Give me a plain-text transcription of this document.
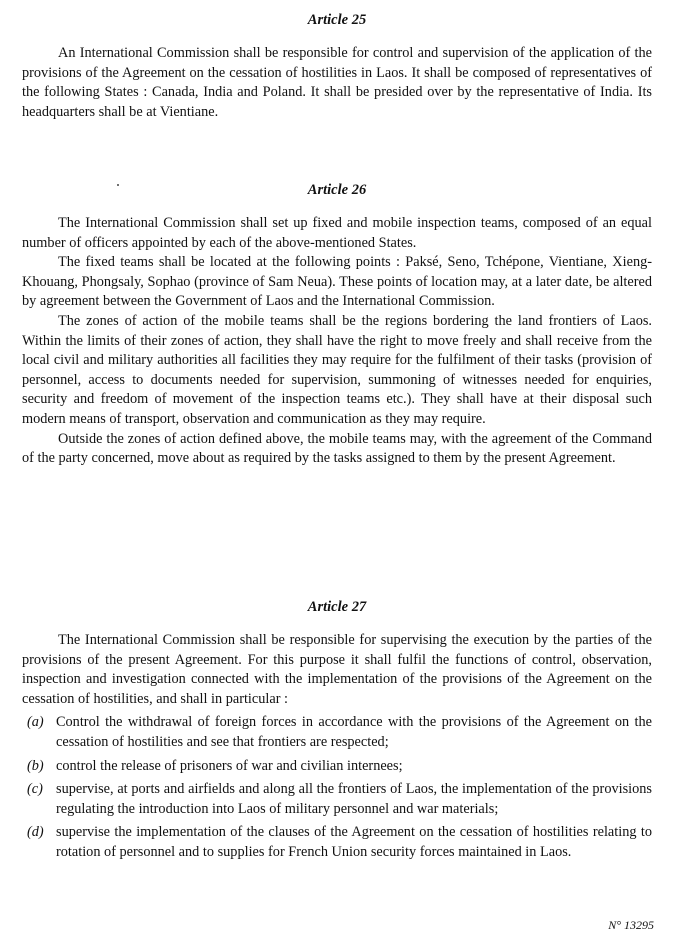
Article 25

An International Commission shall be responsible for control and supervision of the application of the provisions of the Agreement on the cessation of hostilities in Laos. It shall be composed of representatives of the following States : Canada, India and Poland. It shall be presided over by the representative of India. Its headquarters shall be at Vientiane.

Article 26

The International Commission shall set up fixed and mobile inspection teams, composed of an equal number of officers appointed by each of the above-mentioned States.

The fixed teams shall be located at the following points : Paksé, Seno, Tchépone, Vientiane, Xieng-Khouang, Phongsaly, Sophao (province of Sam Neua). These points of location may, at a later date, be altered by agreement between the Government of Laos and the International Commission.

The zones of action of the mobile teams shall be the regions bordering the land frontiers of Laos. Within the limits of their zones of action, they shall have the right to move freely and shall receive from the local civil and military authorities all facilities they may require for the fulfilment of their tasks (provision of personnel, access to documents needed for supervision, summoning of witnesses needed for enquiries, security and freedom of movement of the inspection teams etc.). They shall have at their disposal such modern means of transport, observation and communication as they may require.

Outside the zones of action defined above, the mobile teams may, with the agreement of the Command of the party concerned, move about as required by the tasks assigned to them by the present Agreement.

Article 27

The International Commission shall be responsible for supervising the execution by the parties of the provisions of the present Agreement. For this purpose it shall fulfil the functions of control, observation, inspection and investigation connected with the implementation of the provisions of the Agreement on the cessation of hostilities, and shall in particular :

(a) Control the withdrawal of foreign forces in accordance with the provisions of the Agreement on the cessation of hostilities and see that frontiers are respected;
(b) control the release of prisoners of war and civilian internees;
(c) supervise, at ports and airfields and along all the frontiers of Laos, the implementation of the provisions regulating the introduction into Laos of military personnel and war materials;
(d) supervise the implementation of the clauses of the Agreement on the cessation of hostilities relating to rotation of personnel and to supplies for French Union security forces maintained in Laos.
N° 13295
